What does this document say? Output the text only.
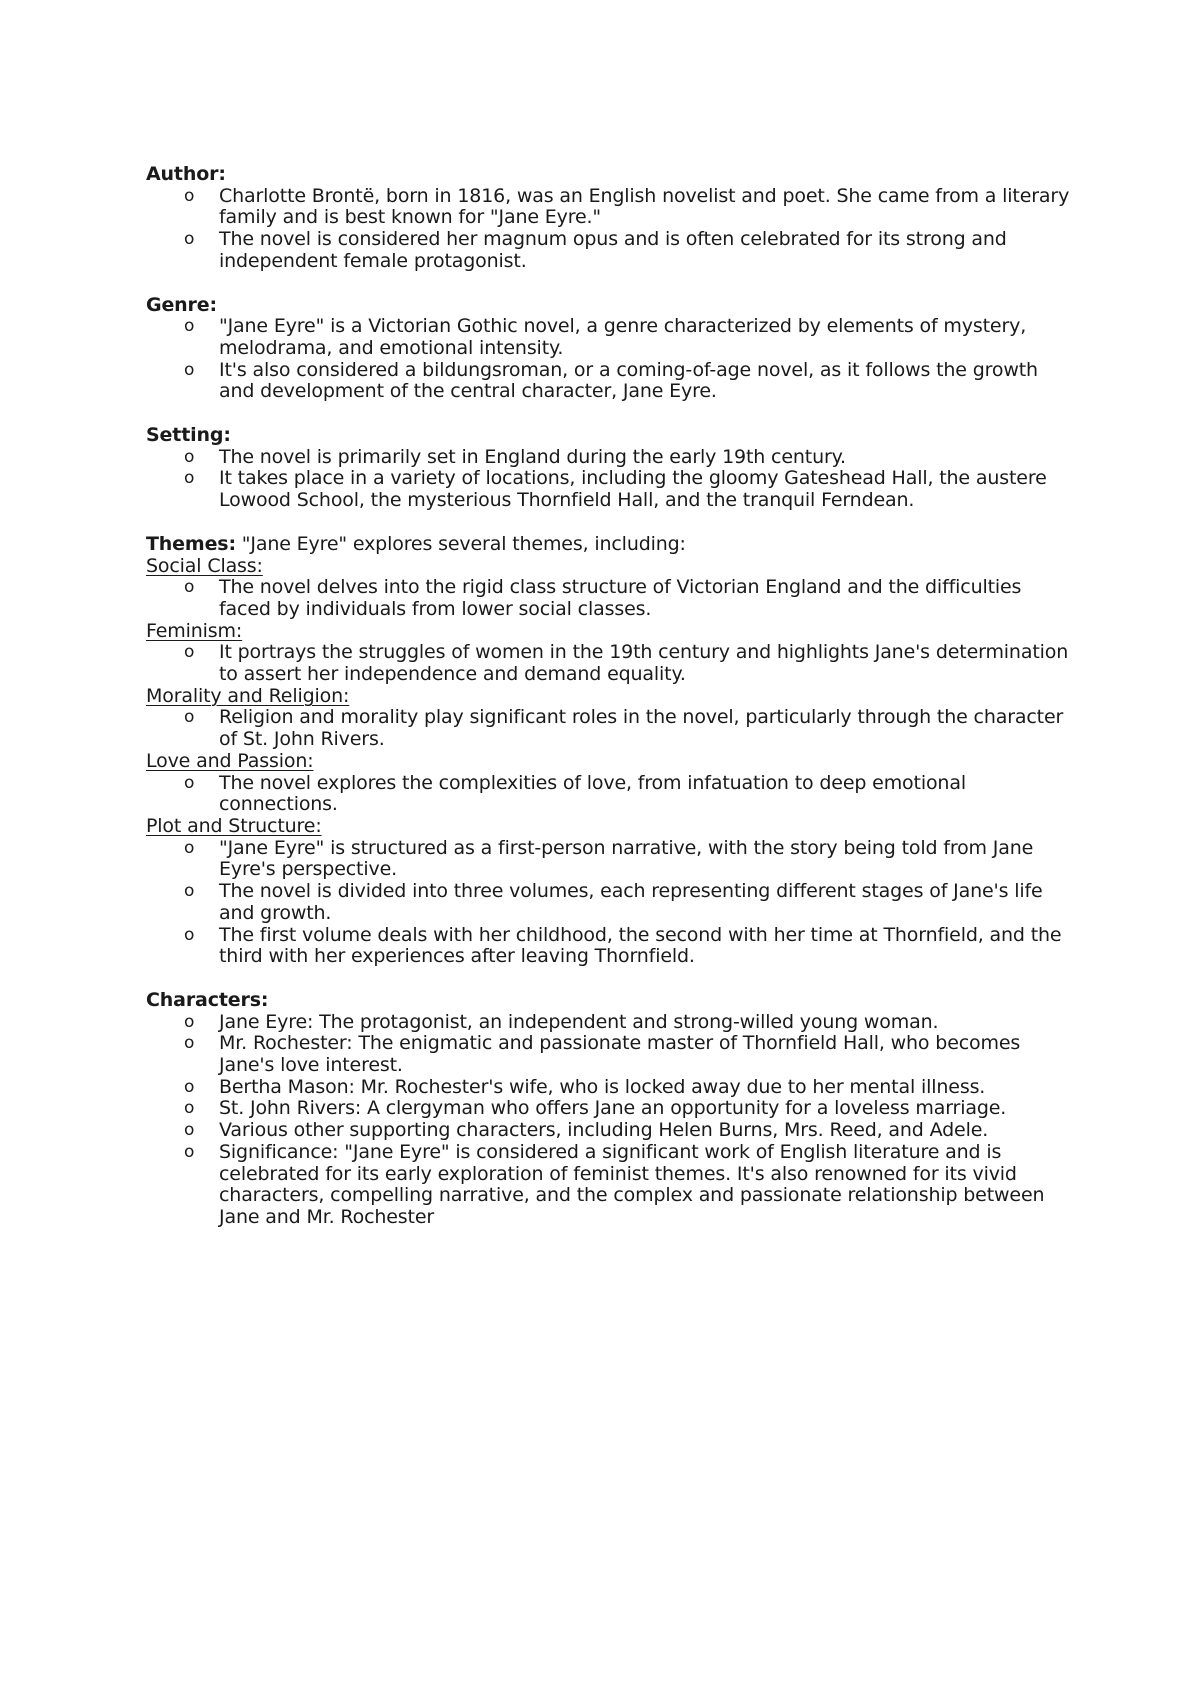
Author:
o Charlotte Brontë, born in 1816, was an English novelist and poet. She came from a literary family and is best known for "Jane Eyre."
o The novel is considered her magnum opus and is often celebrated for its strong and independent female protagonist.
Genre:
o "Jane Eyre" is a Victorian Gothic novel, a genre characterized by elements of mystery, melodrama, and emotional intensity.
o It's also considered a bildungsroman, or a coming-of-age novel, as it follows the growth and development of the central character, Jane Eyre.
Setting:
o The novel is primarily set in England during the early 19th century.
o It takes place in a variety of locations, including the gloomy Gateshead Hall, the austere Lowood School, the mysterious Thornfield Hall, and the tranquil Ferndean.
Themes: "Jane Eyre" explores several themes, including:
Social Class:
o The novel delves into the rigid class structure of Victorian England and the difficulties faced by individuals from lower social classes.
Feminism:
o It portrays the struggles of women in the 19th century and highlights Jane's determination to assert her independence and demand equality.
Morality and Religion:
o Religion and morality play significant roles in the novel, particularly through the character of St. John Rivers.
Love and Passion:
o The novel explores the complexities of love, from infatuation to deep emotional connections.
Plot and Structure:
o "Jane Eyre" is structured as a first-person narrative, with the story being told from Jane Eyre's perspective.
o The novel is divided into three volumes, each representing different stages of Jane's life and growth.
o The first volume deals with her childhood, the second with her time at Thornfield, and the third with her experiences after leaving Thornfield.
Characters:
o Jane Eyre: The protagonist, an independent and strong-willed young woman.
o Mr. Rochester: The enigmatic and passionate master of Thornfield Hall, who becomes Jane's love interest.
o Bertha Mason: Mr. Rochester's wife, who is locked away due to her mental illness.
o St. John Rivers: A clergyman who offers Jane an opportunity for a loveless marriage.
o Various other supporting characters, including Helen Burns, Mrs. Reed, and Adele.
o Significance: "Jane Eyre" is considered a significant work of English literature and is celebrated for its early exploration of feminist themes. It's also renowned for its vivid characters, compelling narrative, and the complex and passionate relationship between Jane and Mr. Rochester
